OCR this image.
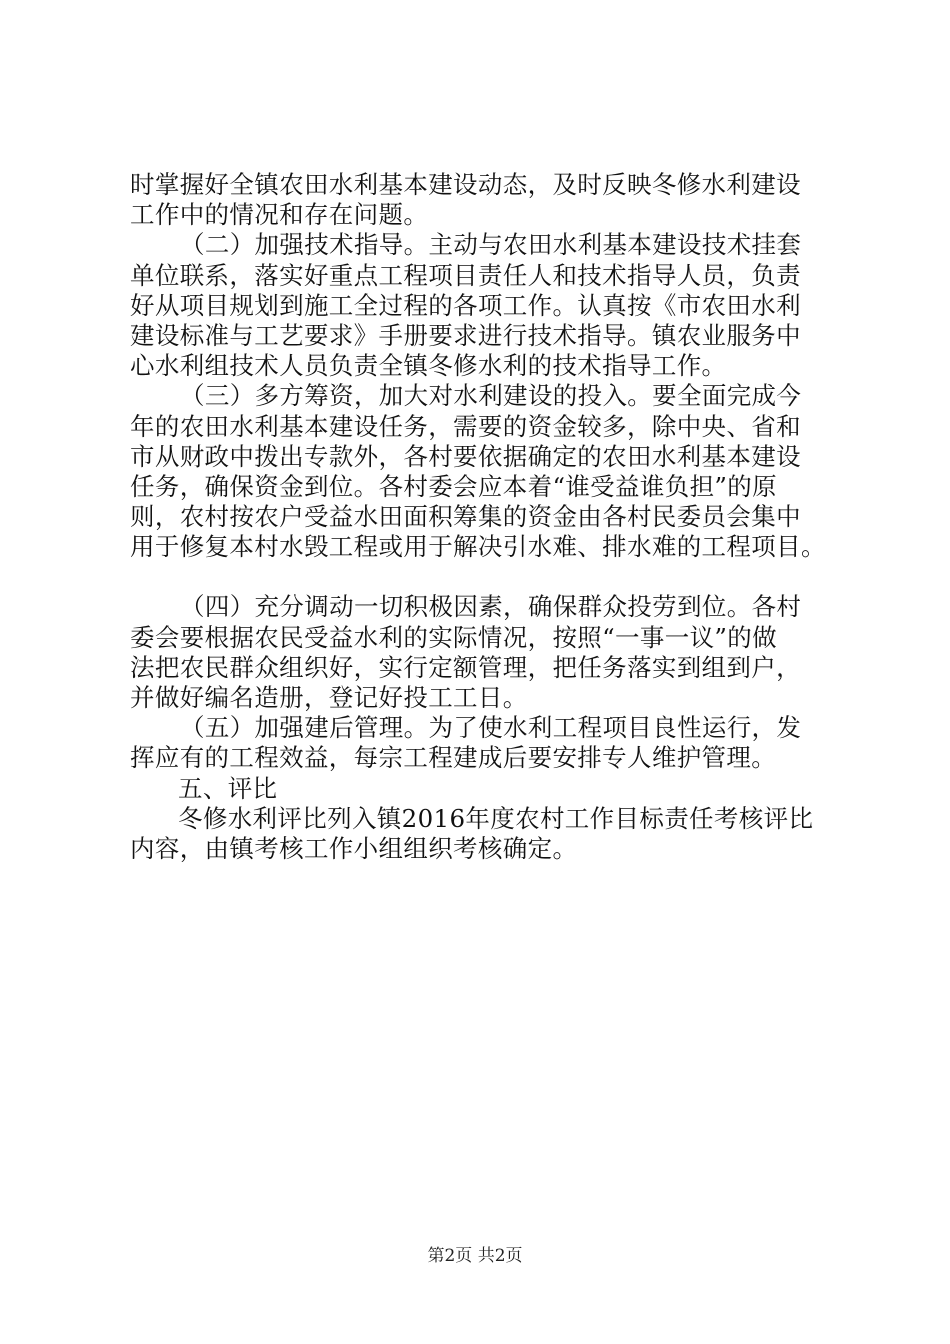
时掌握好全镇农田水利基本建设动态，及时反映冬修水利建设
工作中的情况和存在问题。
（二）加强技术指导。主动与农田水利基本建设技术挂套
单位联系，落实好重点工程项目责任人和技术指导人员，负责
好从项目规划到施工全过程的各项工作。认真按《市农田水利
建设标准与工艺要求》手册要求进行技术指导。镇农业服务中
心水利组技术人员负责全镇冬修水利的技术指导工作。
（三）多方筹资，加大对水利建设的投入。要全面完成今
年的农田水利基本建设任务，需要的资金较多，除中央、省和
市从财政中拨出专款外，各村要依据确定的农田水利基本建设
任务，确保资金到位。各村委会应本着“谁受益谁负担”的原
则，农村按农户受益水田面积筹集的资金由各村民委员会集中
用于修复本村水毁工程或用于解决引水难、排水难的工程项目。
（四）充分调动一切积极因素，确保群众投劳到位。各村
委会要根据农民受益水利的实际情况，按照“一事一议”的做
法把农民群众组织好，实行定额管理，把任务落实到组到户，
并做好编名造册，登记好投工工日。
（五）加强建后管理。为了使水利工程项目良性运行，发
挥应有的工程效益，每宗工程建成后要安排专人维护管理。
五、评比
冬修水利评比列入镇2016年度农村工作目标责任考核评比
内容，由镇考核工作小组组织考核确定。
第2页 共2页
